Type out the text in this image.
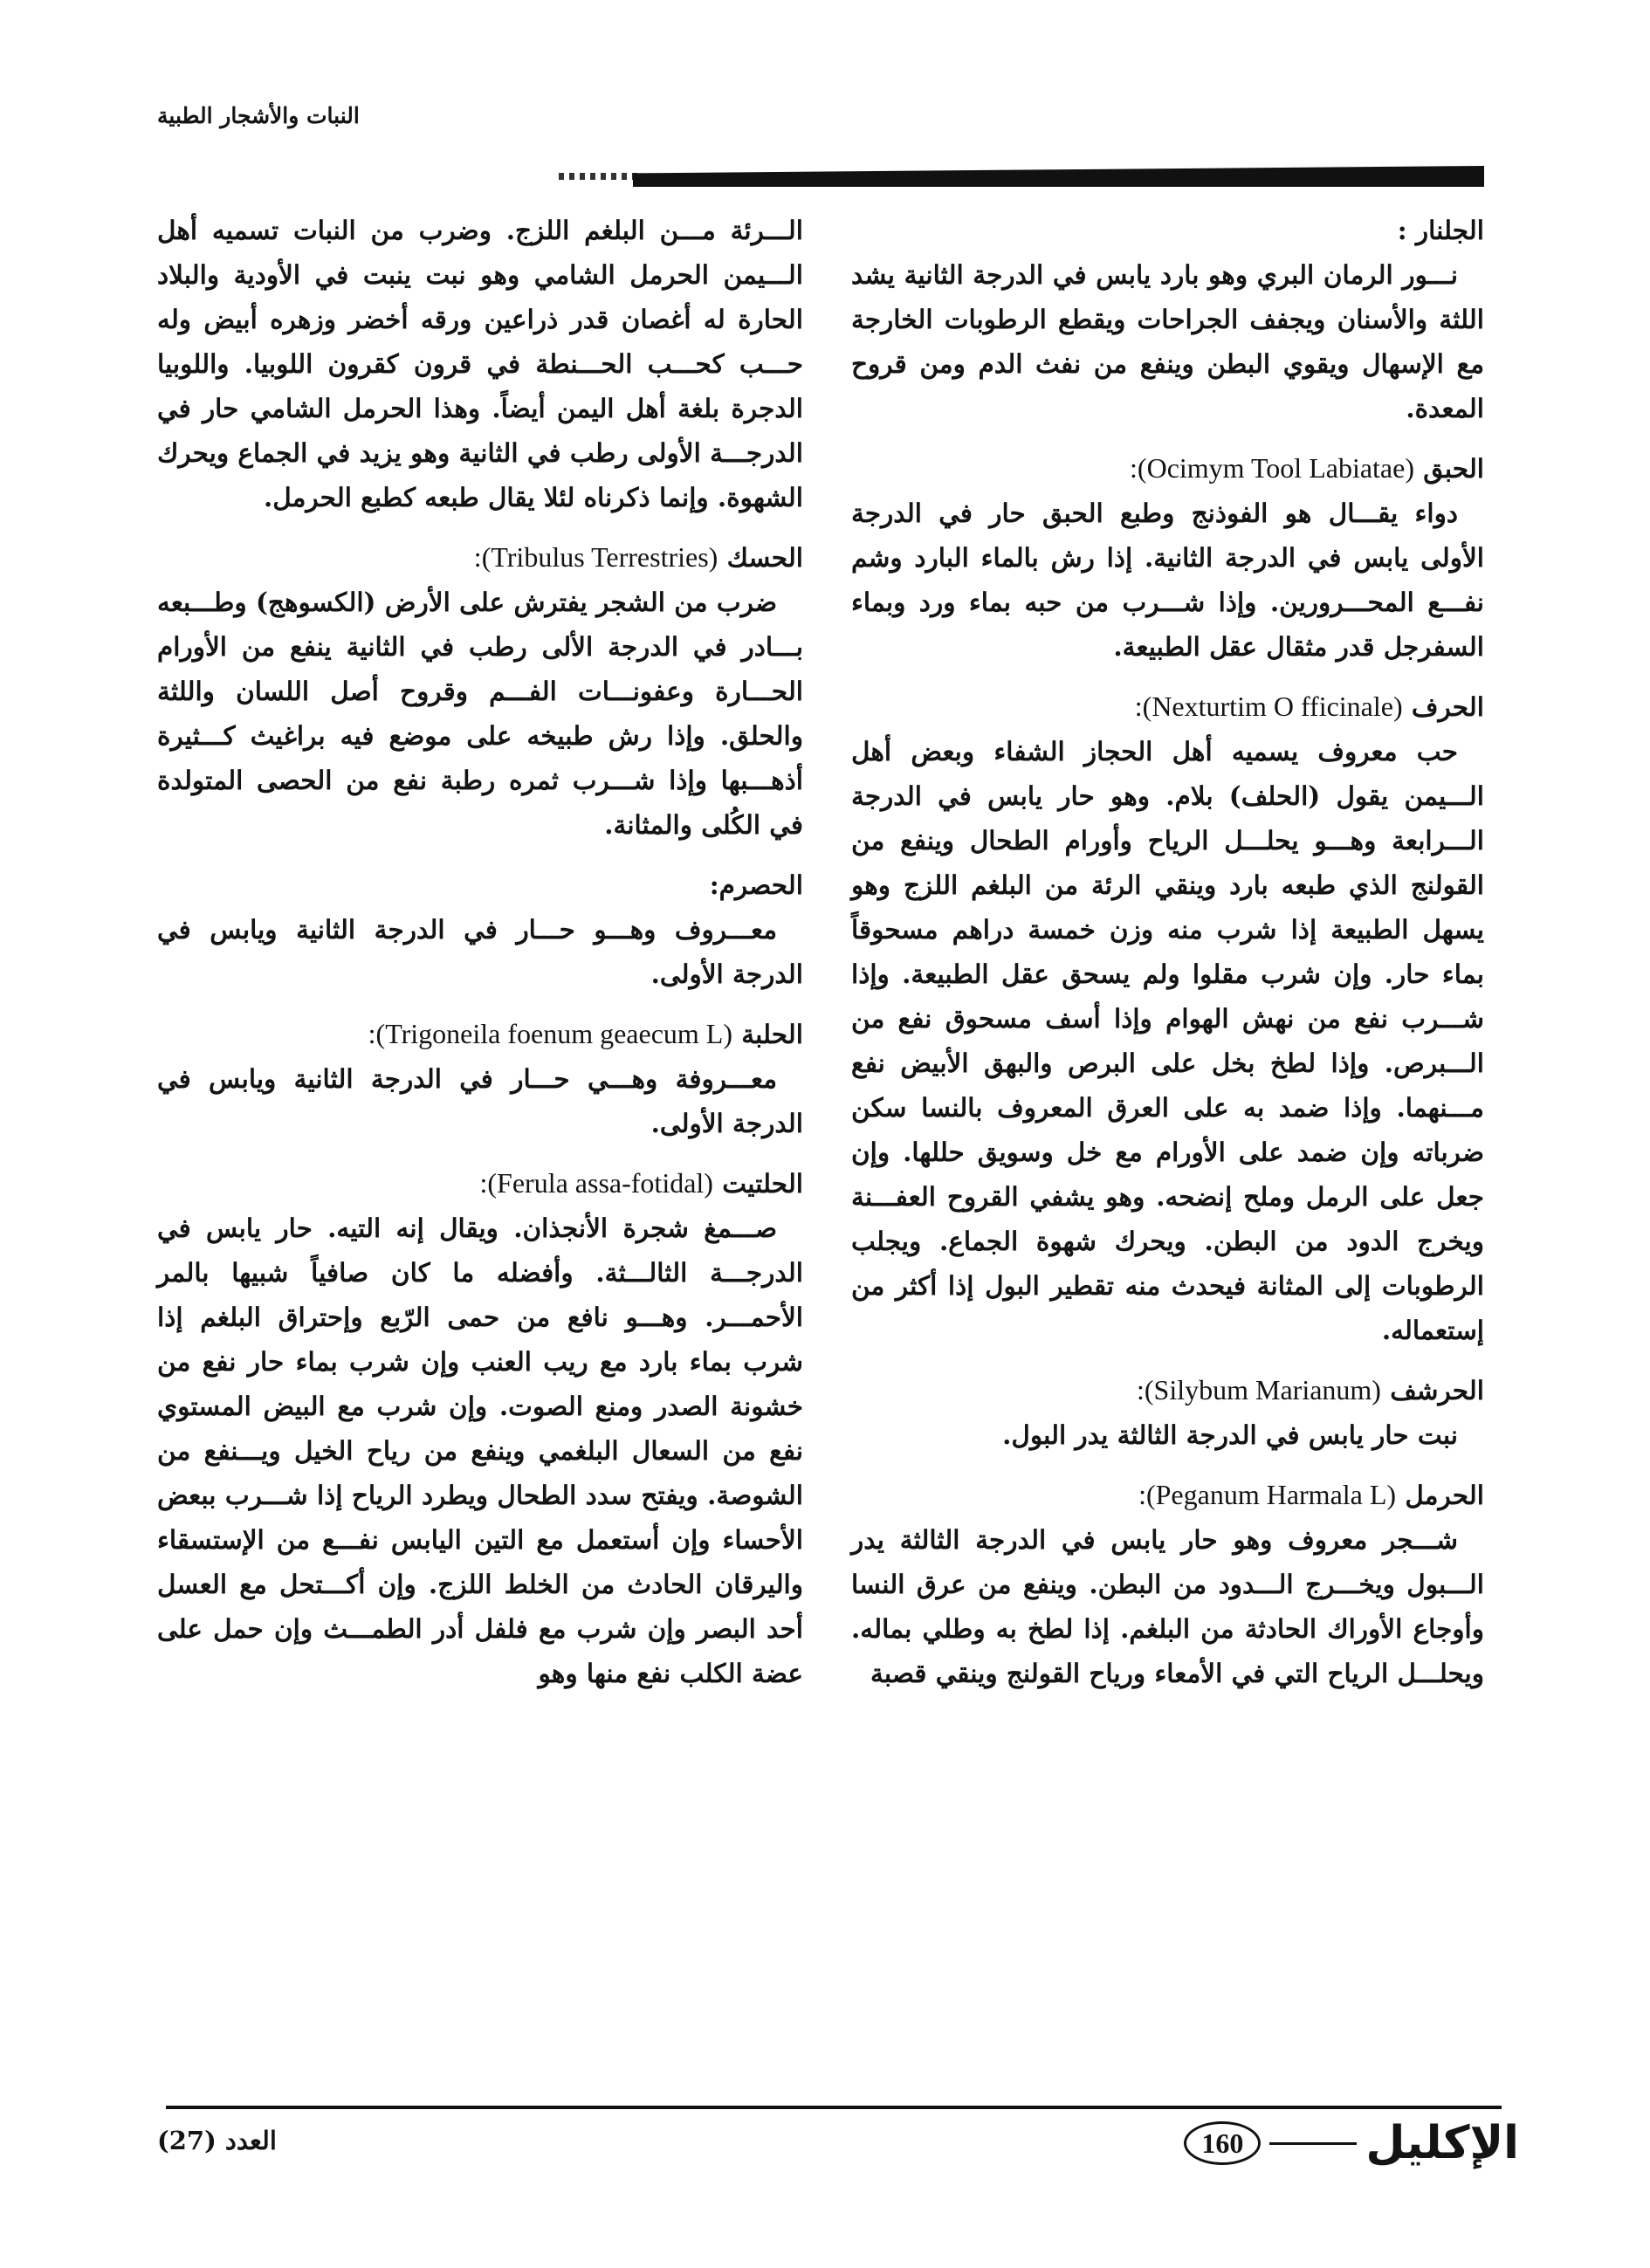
النبات والأشجار الطبية
الجلنار :
نـــور الرمان البري وهو بارد يابس في الدرجة الثانية يشد اللثة والأسنان ويجفف الجراحات ويقطع الرطوبات الخارجة مع الإسهال ويقوي البطن وينفع من نفث الدم ومن قروح المعدة.
الحبق (Ocimym Tool Labiatae):
دواء يقـــال هو الفوذنج وطبع الحبق حار في الدرجة الأولى يابس في الدرجة الثانية. إذا رش بالماء البارد وشم نفـــع المحـــرورين. وإذا شـــرب من حبه بماء ورد وبماء السفرجل قدر مثقال عقل الطبيعة.
الحرف (Nexturtim O fficinale):
حب معروف يسميه أهل الحجاز الشفاء وبعض أهل الـــيمن يقول (الحلف) بلام. وهو حار يابس في الدرجة الـــرابعة وهـــو يحلـــل الرياح وأورام الطحال وينفع من القولنج الذي طبعه بارد وينقي الرئة من البلغم اللزج وهو يسهل الطبيعة إذا شرب منه وزن خمسة دراهم مسحوقاً بماء حار. وإن شرب مقلوا ولم يسحق عقل الطبيعة. وإذا شـــرب نفع من نهش الهوام وإذا أسف مسحوق نفع من الـــبرص. وإذا لطخ بخل على البرص والبهق الأبيض نفع مـــنهما. وإذا ضمد به على العرق المعروف بالنسا سكن ضرباته وإن ضمد على الأورام مع خل وسويق حللها. وإن جعل على الرمل وملح إنضحه. وهو يشفي القروح العفـــنة ويخرج الدود من البطن. ويحرك شهوة الجماع. ويجلب الرطوبات إلى المثانة فيحدث منه تقطير البول إذا أكثر من إستعماله.
الحرشف (Silybum Marianum):
نبت حار يابس في الدرجة الثالثة يدر البول.
الحرمل (Peganum Harmala L):
شـــجر معروف وهو حار يابس في الدرجة الثالثة يدر الـــبول ويخـــرج الـــدود من البطن. وينفع من عرق النسا وأوجاع الأوراك الحادثة من البلغم. إذا لطخ به وطلي بماله. ويحلـــل الرياح التي في الأمعاء ورياح القولنج وينقي قصبة
الـــرئة مـــن البلغم اللزج. وضرب من النبات تسميه أهل الـــيمن الحرمل الشامي وهو نبت ينبت في الأودية والبلاد الحارة له أغصان قدر ذراعين ورقه أخضر وزهره أبيض وله حـــب كحـــب الحـــنطة في قرون كقرون اللوبيا. واللوبيا الدجرة بلغة أهل اليمن أيضاً. وهذا الحرمل الشامي حار في الدرجـــة الأولى رطب في الثانية وهو يزيد في الجماع ويحرك الشهوة. وإنما ذكرناه لئلا يقال طبعه كطبع الحرمل.
الحسك (Tribulus Terrestries):
ضرب من الشجر يفترش على الأرض (الكسوهج) وطـــبعه بـــادر في الدرجة الألى رطب في الثانية ينفع من الأورام الحـــارة وعفونـــات الفـــم وقروح أصل اللسان واللثة والحلق. وإذا رش طبيخه على موضع فيه براغيث كـــثيرة أذهـــبها وإذا شـــرب ثمره رطبة نفع من الحصى المتولدة في الكُلى والمثانة.
الحصرم:
معـــروف وهـــو حـــار في الدرجة الثانية ويابس في الدرجة الأولى.
الحلبة (Trigoneila foenum geaecum L):
معـــروفة وهـــي حـــار في الدرجة الثانية ويابس في الدرجة الأولى.
الحلتيت (Ferula assa-fotidal):
صـــمغ شجرة الأنجذان. ويقال إنه التيه. حار يابس في الدرجـــة الثالـــثة. وأفضله ما كان صافياً شبيها بالمر الأحمـــر. وهـــو نافع من حمى الرّبع وإحتراق البلغم إذا شرب بماء بارد مع ريب العنب وإن شرب بماء حار نفع من خشونة الصدر ومنع الصوت. وإن شرب مع البيض المستوي نفع من السعال البلغمي وينفع من رياح الخيل ويـــنفع من الشوصة. ويفتح سدد الطحال ويطرد الرياح إذا شـــرب ببعض الأحساء وإن أستعمل مع التين اليابس نفـــع من الإستسقاء واليرقان الحادث من الخلط اللزج. وإن أكـــتحل مع العسل أحد البصر وإن شرب مع فلفل أدر الطمـــث وإن حمل على عضة الكلب نفع منها وهو
الإكليل
160
العدد (27)
